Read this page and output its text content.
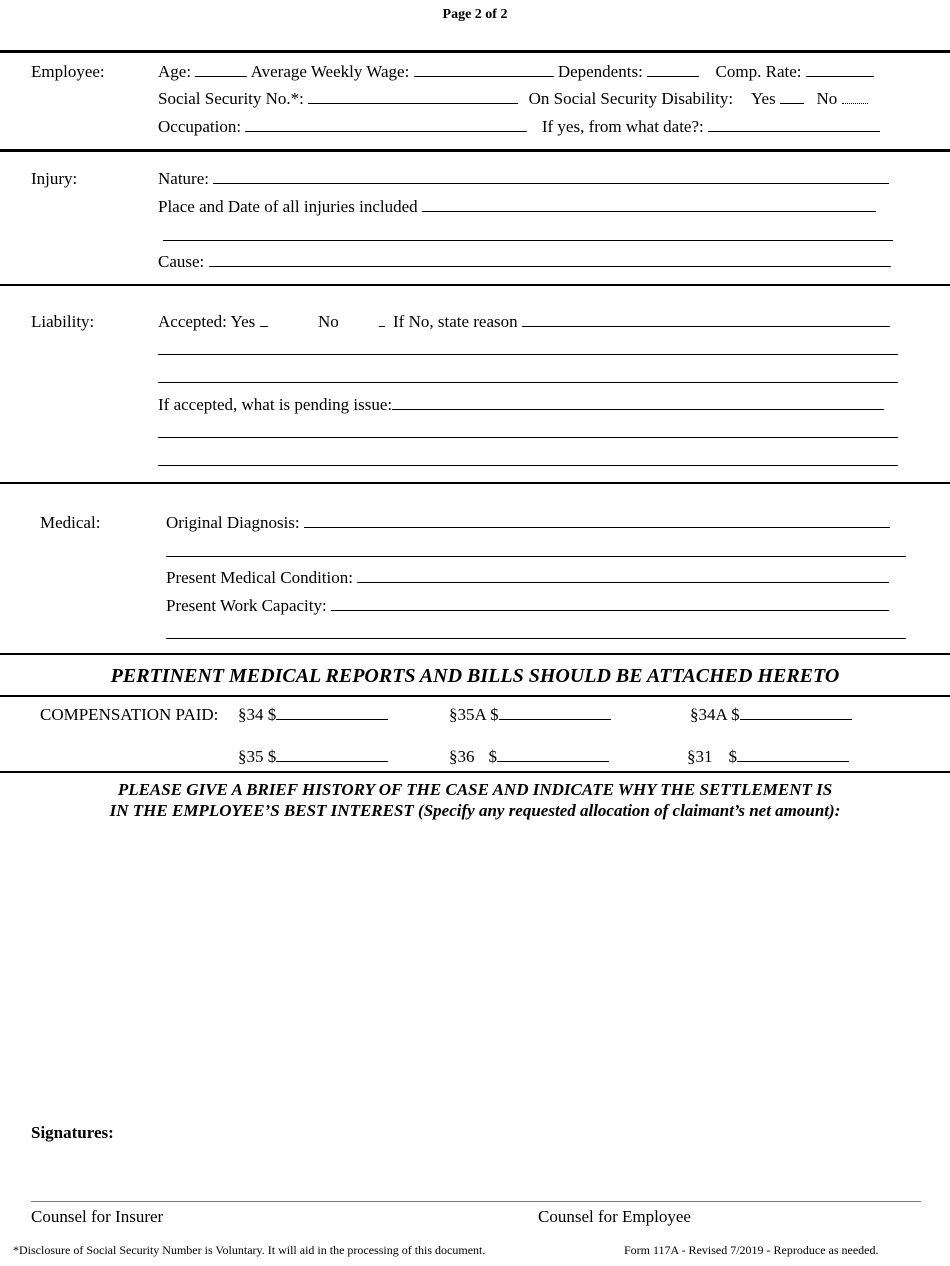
Page 2 of 2
Employee:	Age:	Average Weekly Wage:	Dependents:	Comp. Rate:
Social Security No.*:	On Social Security Disability: Yes No
Occupation:	If yes, from what date?:
Injury:	Nature:
Place and Date of all injuries included
Cause:
Liability:	Accepted: Yes	No	If No, state reason
If accepted, what is pending issue:
Medical:	Original Diagnosis:
Present Medical Condition:
Present Work Capacity:
PERTINENT MEDICAL REPORTS AND BILLS SHOULD BE ATTACHED HERETO
COMPENSATION PAID: §34 $	§35A $	§34A $
§35 $	§36 $	§31 $
PLEASE GIVE A BRIEF HISTORY OF THE CASE AND INDICATE WHY THE SETTLEMENT IS
IN THE EMPLOYEE’S BEST INTEREST (Specify any requested allocation of claimant’s net amount):
Signatures:
Counsel for Insurer	Counsel for Employee
*Disclosure of Social Security Number is Voluntary. It will aid in the processing of this document.	Form 117A - Revised 7/2019 - Reproduce as needed.
